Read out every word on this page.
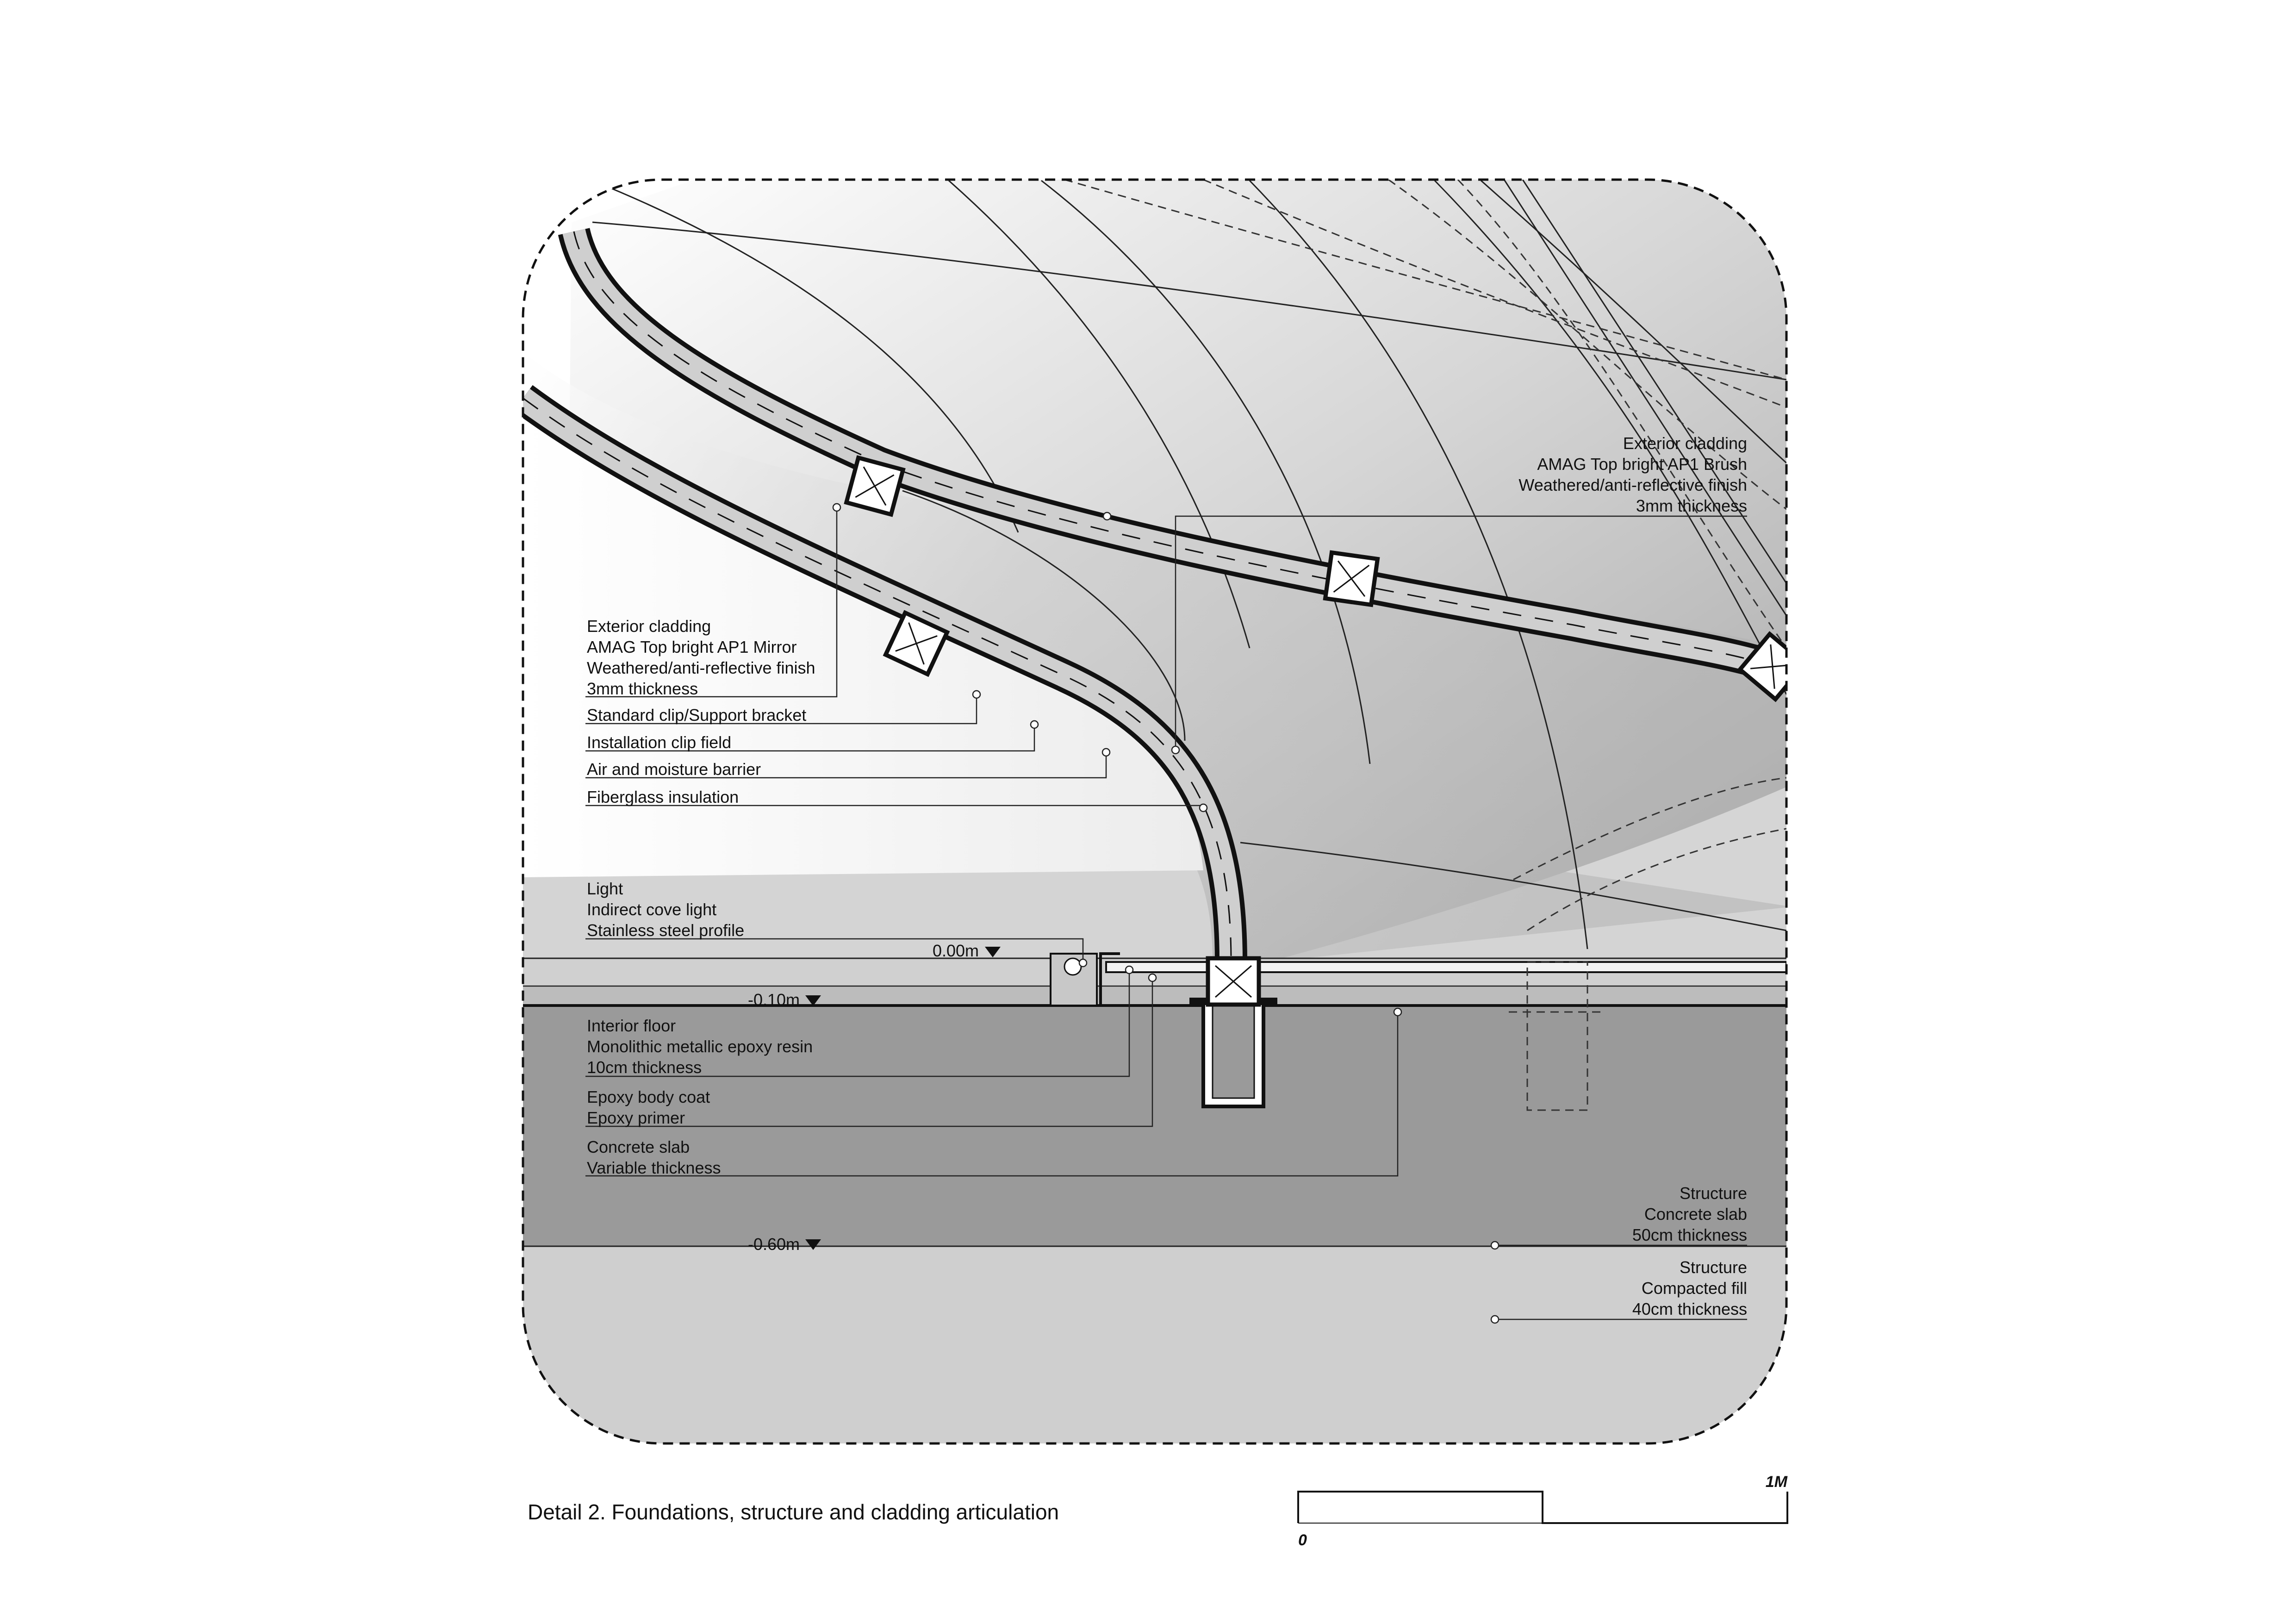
Exterior cladding
AMAG Top bright AP1 Brush
Weathered/anti-reflective finish
3mm thickness
Exterior cladding
AMAG Top bright AP1 Mirror
Weathered/anti-reflective finish
3mm thickness
Standard clip/Support bracket
Installation clip field
Air and moisture barrier
Fiberglass insulation
Light
Indirect cove light
Stainless steel profile
0.00m
-0.10m
-0.60m
Interior floor
Monolithic metallic epoxy resin
10cm thickness
Epoxy body coat
Epoxy primer
Concrete slab
Variable thickness
Structure
Concrete slab
50cm thickness
Structure
Compacted fill
40cm thickness
Detail 2. Foundations, structure and cladding articulation
0
1M
